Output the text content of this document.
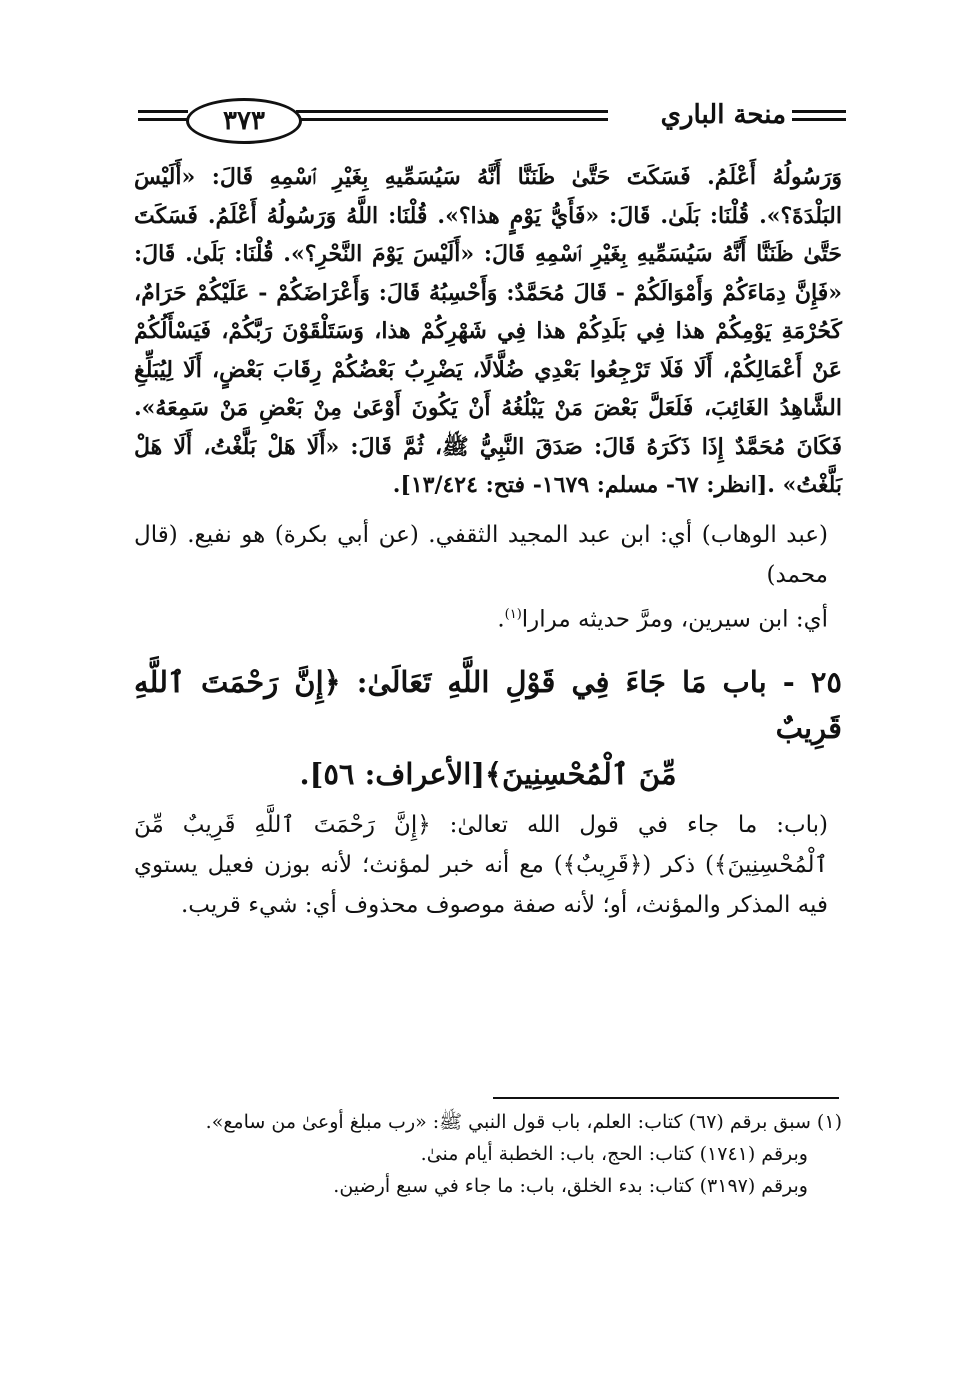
٣٧٣	منحة الباري
وَرَسُولُهُ أَعْلَمُ. فَسَكَتَ حَتَّىٰ ظَنَنَّا أَنَّهُ سَيُسَمِّيهِ بِغَيْرِ ٱسْمِهِ قَالَ: «أَلَيْسَ البَلْدَةَ؟». قُلْنَا: بَلَىٰ. قَالَ: «فَأَيُّ يَوْمٍ هذا؟». قُلْنَا: اللَّهُ وَرَسُولُهُ أَعْلَمُ. فَسَكَتَ حَتَّىٰ ظَنَنَّا أَنَّهُ سَيُسَمِّيهِ بِغَيْرِ ٱسْمِهِ قَالَ: «أَلَيْسَ يَوْمَ النَّحْرِ؟». قُلْنَا: بَلَىٰ. قَالَ: «فَإِنَّ دِمَاءَكُمْ وَأَمْوَالَكُمْ - قَالَ مُحَمَّدٌ: وَأَحْسِبُهُ قَالَ: وَأَعْرَاضَكُمْ - عَلَيْكُمْ حَرَامٌ، كَحُرْمَةِ يَوْمِكُمْ هذا فِي بَلَدِكُمْ هذا فِي شَهْرِكُمْ هذا، وَسَتَلْقَوْنَ رَبَّكُمْ، فَيَسْأَلُكُمْ عَنْ أَعْمَالِكُمْ، أَلَا فَلَا تَرْجِعُوا بَعْدِي ضُلَّالًا، يَضْرِبُ بَعْضُكُمْ رِقَابَ بَعْضٍ، أَلَا لِيُبَلِّغِ الشَّاهِدُ الغَائِبَ، فَلَعَلَّ بَعْضَ مَنْ يَبْلُغُهُ أَنْ يَكُونَ أَوْعَىٰ مِنْ بَعْضِ مَنْ سَمِعَهُ». فَكَانَ مُحَمَّدٌ إِذَا ذَكَرَهُ قَالَ: صَدَقَ النَّبِيُّ ﷺ، ثُمَّ قَالَ: «أَلَا هَلْ بَلَّغْتُ، أَلَا هَلْ بَلَّغْتُ» .[انظر: ٦٧- مسلم: ١٦٧٩- فتح: ١٣/٤٢٤].

(عبد الوهاب) أي: ابن عبد المجيد الثقفي. (عن أبي بكرة) هو نفيع. (قال محمد)

أي: ابن سيرين، ومرَّ حديثه مرارا$^{(١)}$.

٢٥ - باب مَا جَاءَ فِي قَوْلِ اللَّهِ تَعَالَىٰ: ﴿إِنَّ رَحْمَتَ ٱللَّهِ قَرِيبٌ
مِّنَ ٱلْمُحْسِنِينَ﴾[الأعراف: ٥٦].
(باب: ما جاء في قول الله تعالىٰ: ﴿إِنَّ رَحْمَتَ ٱللَّهِ قَرِيبٌ مِّنَ ٱلْمُحْسِنِينَ﴾) ذكر (﴿قَرِيبٌ﴾) مع أنه خبر لمؤنث؛ لأنه بوزن فعيل يستوي فيه المذكر والمؤنث، أو؛ لأنه صفة موصوف محذوف أي: شيء قريب.

(١) سبق برقم (٦٧) كتاب: العلم، باب قول النبي ﷺ: «رب مبلغ أوعىٰ من سامع».

وبرقم (١٧٤١) كتاب: الحج، باب: الخطبة أيام منىٰ.

وبرقم (٣١٩٧) كتاب: بدء الخلق، باب: ما جاء في سبع أرضين.
